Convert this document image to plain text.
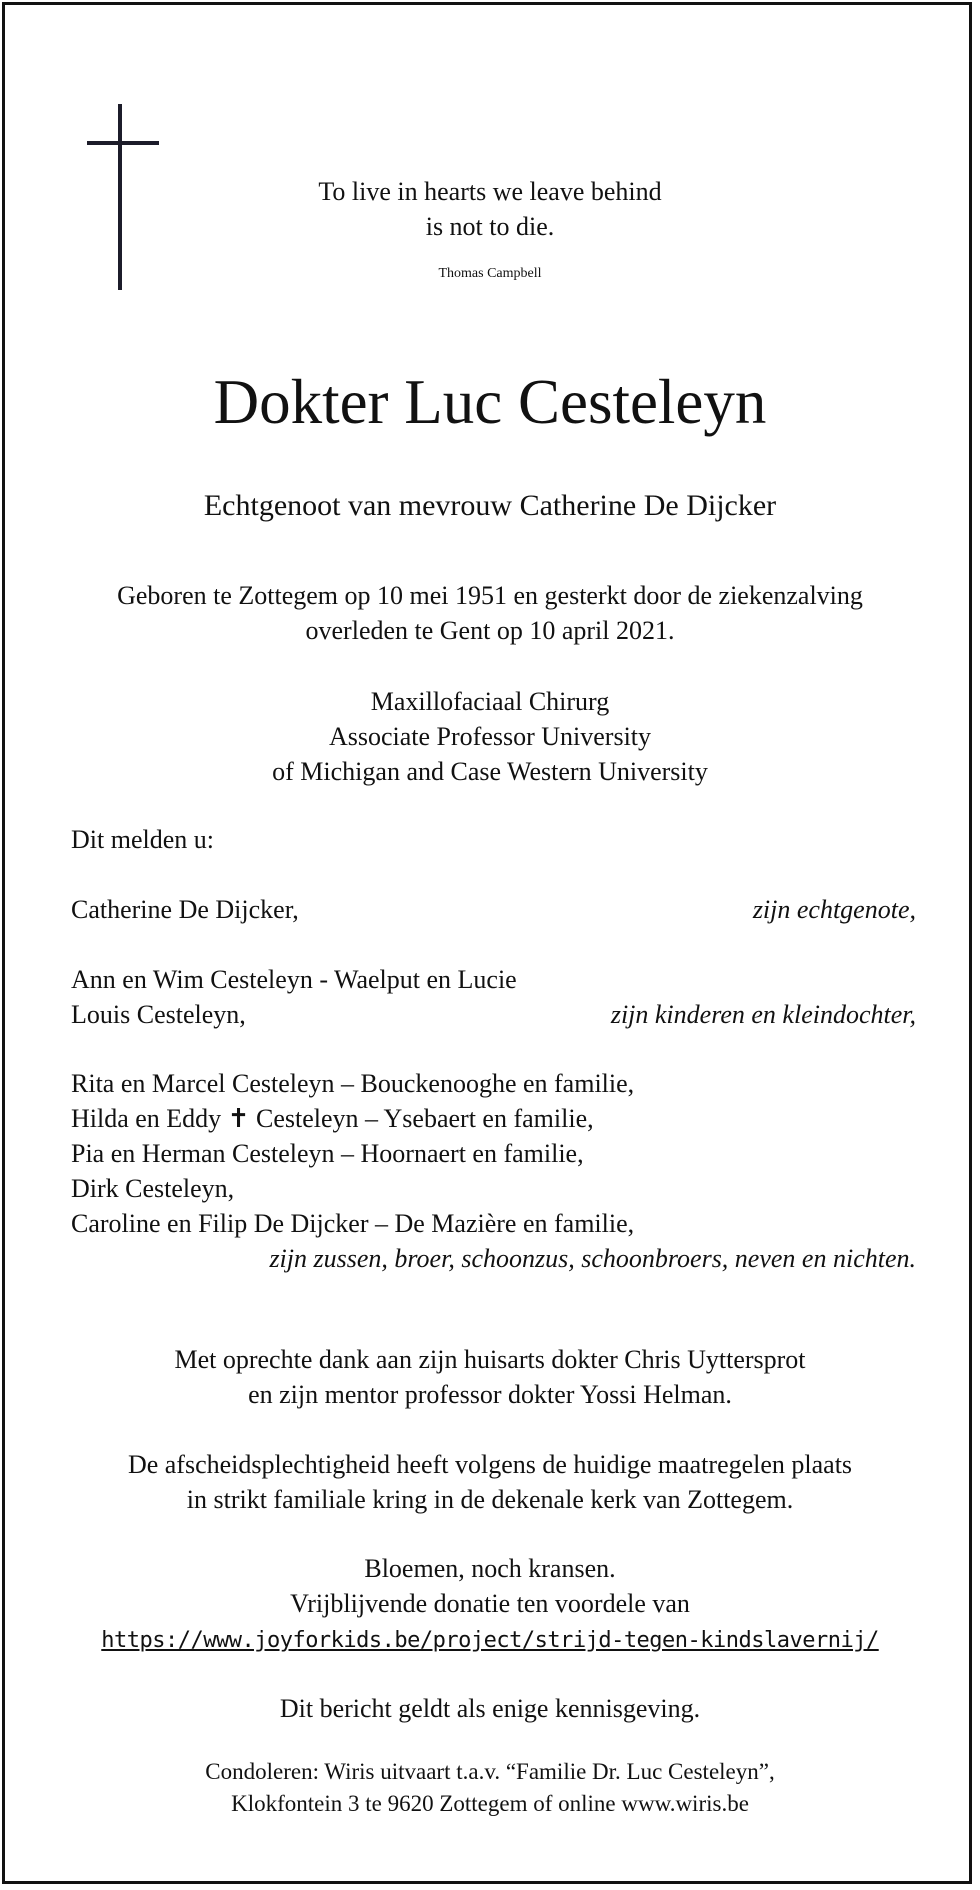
To live in hearts we leave behind
is not to die.
Thomas Campbell
Dokter Luc Cesteleyn
Echtgenoot van mevrouw Catherine De Dijcker
Geboren te Zottegem op 10 mei 1951 en gesterkt door de ziekenzalving
overleden te Gent op 10 april 2021.
Maxillofaciaal Chirurg
Associate Professor University
of Michigan and Case Western University
Dit melden u:
Catherine De Dijcker,	zijn echtgenote,
Ann en Wim Cesteleyn - Waelput en Lucie
Louis Cesteleyn,	zijn kinderen en kleindochter,
Rita en Marcel Cesteleyn – Bouckenooghe en familie,
Hilda en Eddy ✝ Cesteleyn – Ysebaert en familie,
Pia en Herman Cesteleyn – Hoornaert en familie,
Dirk Cesteleyn,
Caroline en Filip De Dijcker – De Mazière en familie,
zijn zussen, broer, schoonzus, schoonbroers, neven en nichten.
Met oprechte dank aan zijn huisarts dokter Chris Uyttersprot
en zijn mentor professor dokter Yossi Helman.
De afscheidsplechtigheid heeft volgens de huidige maatregelen plaats
in strikt familiale kring in de dekenale kerk van Zottegem.
Bloemen, noch kransen.
Vrijblijvende donatie ten voordele van
https://www.joyforkids.be/project/strijd-tegen-kindslavernij/
Dit bericht geldt als enige kennisgeving.
Condoleren: Wiris uitvaart t.a.v. “Familie Dr. Luc Cesteleyn”,
Klokfontein 3 te 9620 Zottegem of online www.wiris.be
